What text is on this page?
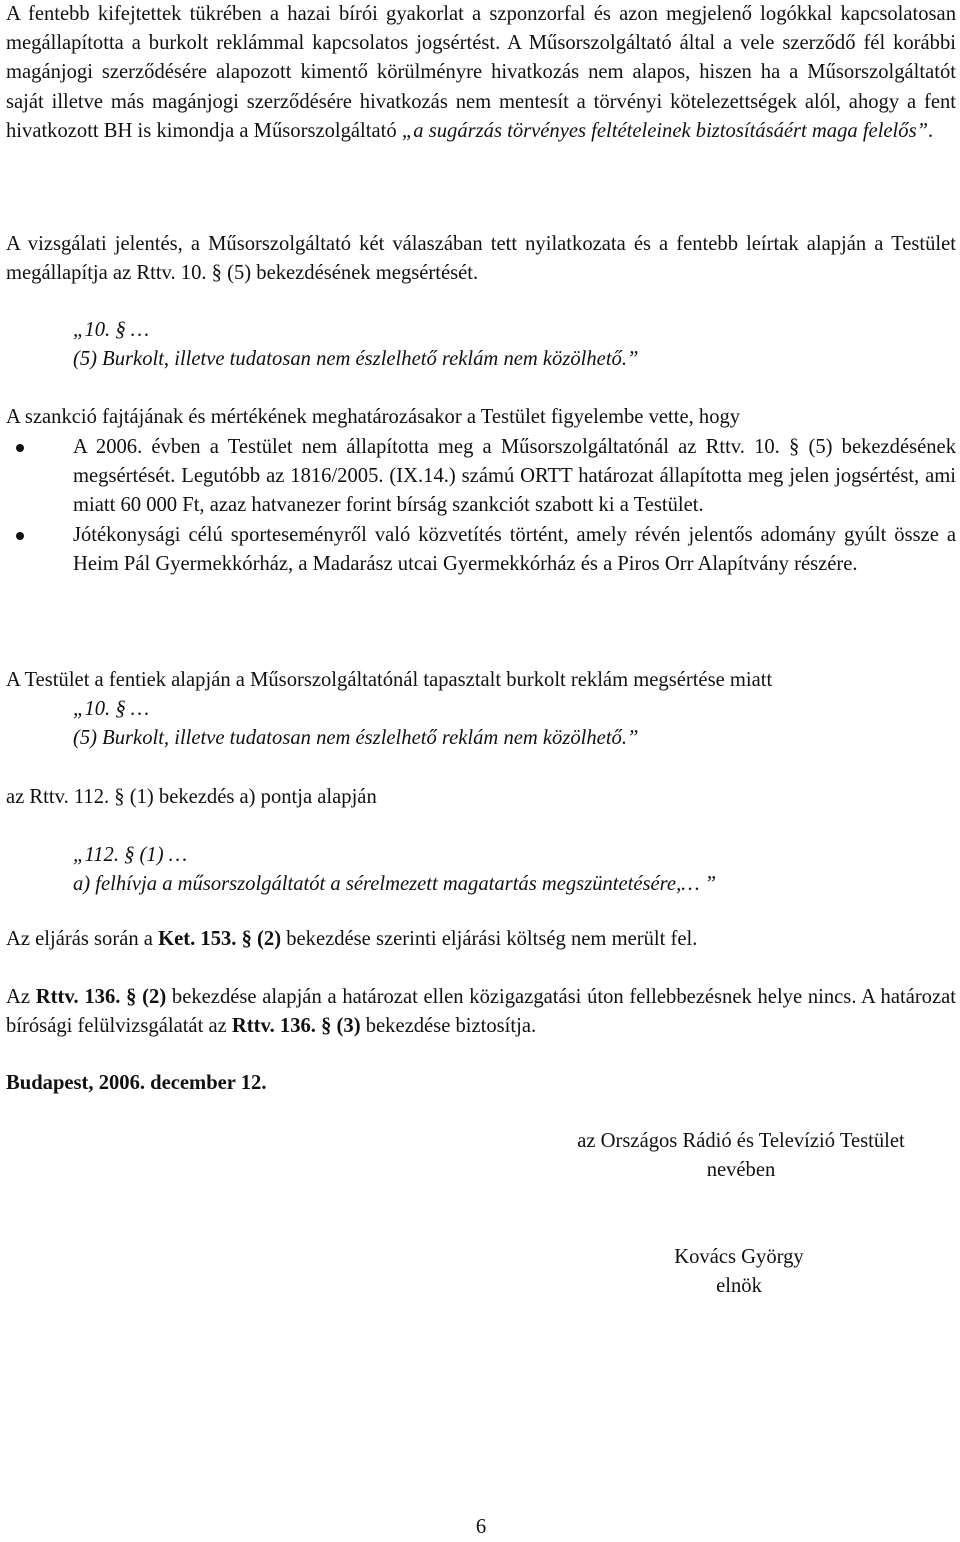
A fentebb kifejtettek tükrében a hazai bírói gyakorlat a szponzorfal és azon megjelenő logókkal kapcsolatosan megállapította a burkolt reklámmal kapcsolatos jogsértést. A Műsorszolgáltató által a vele szerződő fél korábbi magánjogi szerződésére alapozott kimentő körülményre hivatkozás nem alapos, hiszen ha a Műsorszolgáltatót saját illetve más magánjogi szerződésére hivatkozás nem mentesít a törvényi kötelezettségek alól, ahogy a fent hivatkozott BH is kimondja a Műsorszolgáltató „a sugárzás törvényes feltételeinek biztosításáért maga felelős”.

A vizsgálati jelentés, a Műsorszolgáltató két válaszában tett nyilatkozata és a fentebb leírtak alapján a Testület megállapítja az Rttv. 10. § (5) bekezdésének megsértését.

„10. § …
(5) Burkolt, illetve tudatosan nem észlelhető reklám nem közölhető.”

A szankció fajtájának és mértékének meghatározásakor a Testület figyelembe vette, hogy

A 2006. évben a Testület nem állapította meg a Műsorszolgáltatónál az Rttv. 10. § (5) bekezdésének megsértését. Legutóbb az 1816/2005. (IX.14.) számú ORTT határozat állapította meg jelen jogsértést, ami miatt 60 000 Ft, azaz hatvanezer forint bírság szankciót szabott ki a Testület.
Jótékonysági célú sporteseményről való közvetítés történt, amely révén jelentős adomány gyúlt össze a Heim Pál Gyermekkórház, a Madarász utcai Gyermekkórház és a Piros Orr Alapítvány részére.

A Testület a fentiek alapján a Műsorszolgáltatónál tapasztalt burkolt reklám megsértése miatt

„10. § …
(5) Burkolt, illetve tudatosan nem észlelhető reklám nem közölhető.”

az Rttv. 112. § (1) bekezdés a) pontja alapján

„112. § (1) …
a) felhívja a műsorszolgáltatót a sérelmezett magatartás megszüntetésére,… ”

Az eljárás során a Ket. 153. § (2) bekezdése szerinti eljárási költség nem merült fel.

Az Rttv. 136. § (2) bekezdése alapján a határozat ellen közigazgatási úton fellebbezésnek helye nincs. A határozat bírósági felülvizsgálatát az Rttv. 136. § (3) bekezdése biztosítja.

Budapest, 2006. december 12.

az Országos Rádió és Televízió Testület
nevében
Kovács György
elnök
6
